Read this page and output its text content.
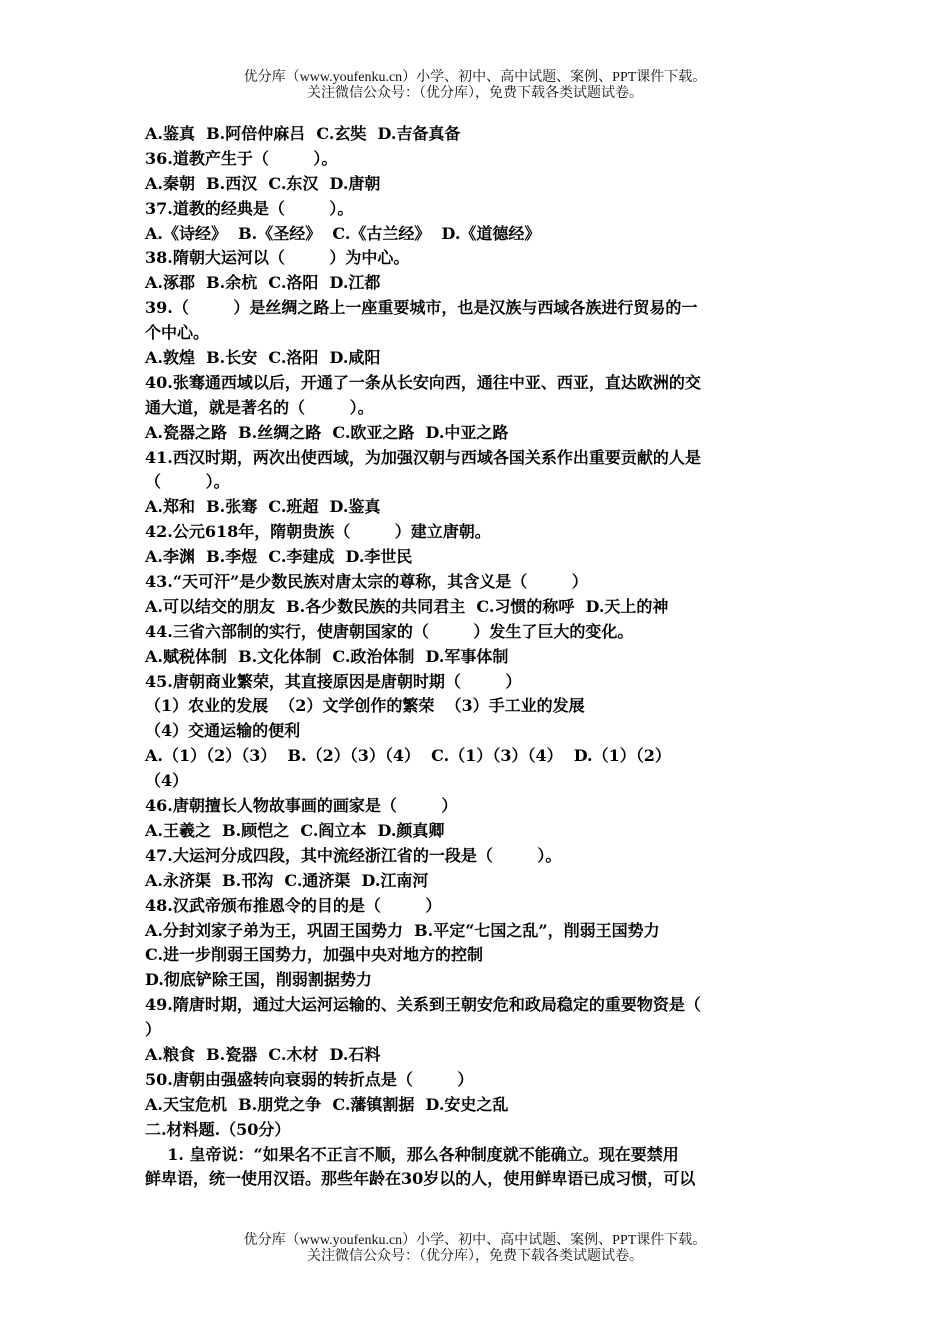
优分库（www.youfenku.cn）小学、初中、高中试题、案例、PPT课件下载。
关注微信公众号：（优分库），免费下载各类试题试卷。
A.鉴真  B.阿倍仲麻吕  C.玄奘  D.吉备真备
36.道教产生于（        ）。
A.秦朝  B.西汉  C.东汉  D.唐朝
37.道教的经典是（        ）。
A.《诗经》  B.《圣经》  C.《古兰经》  D.《道德经》
38.隋朝大运河以（        ）为中心。
A.涿郡  B.余杭  C.洛阳  D.江都
39.（        ）是丝绸之路上一座重要城市，也是汉族与西域各族进行贸易的一
个中心。
A.敦煌  B.长安  C.洛阳  D.咸阳
40.张骞通西域以后，开通了一条从长安向西，通往中亚、西亚，直达欧洲的交
通大道，就是著名的（        ）。
A.瓷器之路  B.丝绸之路  C.欧亚之路  D.中亚之路
41.西汉时期，两次出使西域，为加强汉朝与西域各国关系作出重要贡献的人是
（        ）。
A.郑和  B.张骞  C.班超  D.鉴真
42.公元618年，隋朝贵族（        ）建立唐朝。
A.李渊  B.李煜  C.李建成  D.李世民
43.“天可汗”是少数民族对唐太宗的尊称，其含义是（        ）
A.可以结交的朋友  B.各少数民族的共同君主  C.习惯的称呼  D.天上的神
44.三省六部制的实行，使唐朝国家的（        ）发生了巨大的变化。
A.赋税体制  B.文化体制  C.政治体制  D.军事体制
45.唐朝商业繁荣，其直接原因是唐朝时期（        ）
（1）农业的发展  （2）文学创作的繁荣  （3）手工业的发展
（4）交通运输的便利
A.（1）（2）（3）  B.（2）（3）（4）  C.（1）（3）（4）  D.（1）（2）
（4）
46.唐朝擅长人物故事画的画家是（        ）
A.王羲之  B.顾恺之  C.阎立本  D.颜真卿
47.大运河分成四段，其中流经浙江省的一段是（        ）。
A.永济渠  B.邗沟  C.通济渠  D.江南河
48.汉武帝颁布推恩令的目的是（        ）
A.分封刘家子弟为王，巩固王国势力  B.平定“七国之乱”，削弱王国势力
C.进一步削弱王国势力，加强中央对地方的控制
D.彻底铲除王国，削弱割据势力
49.隋唐时期，通过大运河运输的、关系到王朝安危和政局稳定的重要物资是（
）
A.粮食  B.瓷器  C.木材  D.石料
50.唐朝由强盛转向衰弱的转折点是（        ）
A.天宝危机  B.朋党之争  C.藩镇割据  D.安史之乱
二.材料题.（50分）
1. 皇帝说：“如果名不正言不顺，那么各种制度就不能确立。现在要禁用
鲜卑语，统一使用汉语。那些年龄在30岁以的人，使用鲜卑语已成习惯，可以
优分库（www.youfenku.cn）小学、初中、高中试题、案例、PPT课件下载。
关注微信公众号：（优分库），免费下载各类试题试卷。
